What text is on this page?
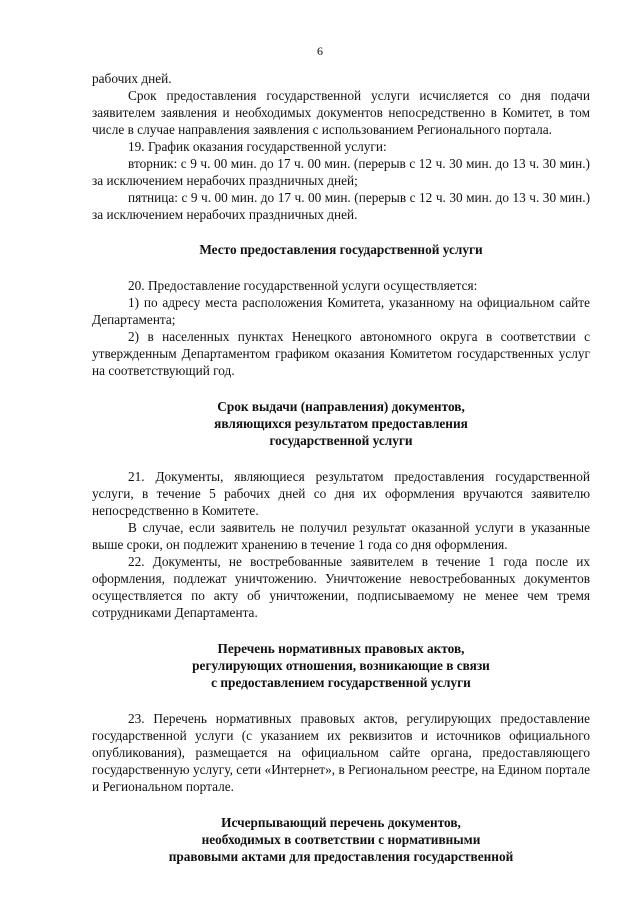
6

рабочих дней.

Срок предоставления государственной услуги исчисляется со дня подачи заявителем заявления и необходимых документов непосредственно в Комитет, в том числе в случае направления заявления с использованием Регионального портала.

19. График оказания государственной услуги:

вторник: с 9 ч. 00 мин. до 17 ч. 00 мин. (перерыв с 12 ч. 30 мин. до 13 ч. 30 мин.) за исключением нерабочих праздничных дней;

пятница: с 9 ч. 00 мин. до 17 ч. 00 мин. (перерыв с 12 ч. 30 мин. до 13 ч. 30 мин.) за исключением нерабочих праздничных дней.

Место предоставления государственной услуги

20. Предоставление государственной услуги осуществляется:

1) по адресу места расположения Комитета, указанному на официальном сайте Департамента;

2) в населенных пунктах Ненецкого автономного округа в соответствии с утвержденным Департаментом графиком оказания Комитетом государственных услуг на соответствующий год.

Срок выдачи (направления) документов,
являющихся результатом предоставления
государственной услуги

21. Документы, являющиеся результатом предоставления государственной услуги, в течение 5 рабочих дней со дня их оформления вручаются заявителю непосредственно в Комитете.

В случае, если заявитель не получил результат оказанной услуги в указанные выше сроки, он подлежит хранению в течение 1 года со дня оформления.

22. Документы, не востребованные заявителем в течение 1 года после их оформления, подлежат уничтожению. Уничтожение невостребованных документов осуществляется по акту об уничтожении, подписываемому не менее чем тремя сотрудниками Департамента.

Перечень нормативных правовых актов,
регулирующих отношения, возникающие в связи
с предоставлением государственной услуги

23. Перечень нормативных правовых актов, регулирующих предоставление государственной услуги (с указанием их реквизитов и источников официального опубликования), размещается на официальном сайте органа, предоставляющего государственную услугу, сети «Интернет», в Региональном реестре, на Едином портале и Региональном портале.

Исчерпывающий перечень документов,
необходимых в соответствии с нормативными
правовыми актами для предоставления государственной
